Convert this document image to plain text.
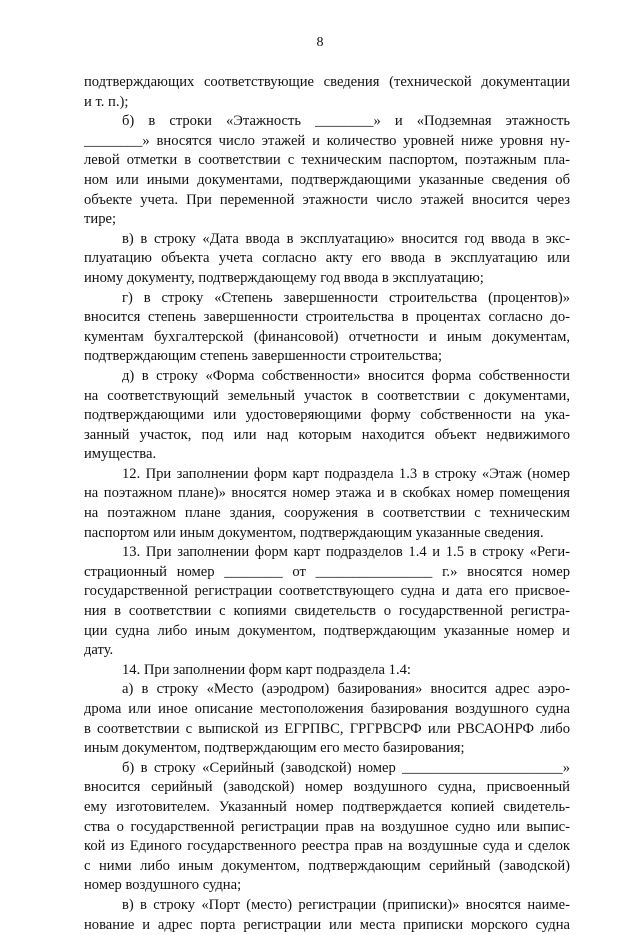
8
подтверждающих соответствующие сведения (технической документации
и т. п.);
б) в строки «Этажность ________» и «Подземная этажность
________» вносятся число этажей и количество уровней ниже уровня ну-
левой отметки в соответствии с техническим паспортом, поэтажным пла-
ном или иными документами, подтверждающими указанные сведения об
объекте учета. При переменной этажности число этажей вносится через
тире;
в) в строку «Дата ввода в эксплуатацию» вносится год ввода в экс-
плуатацию объекта учета согласно акту его ввода в эксплуатацию или
иному документу, подтверждающему год ввода в эксплуатацию;
г) в строку «Степень завершенности строительства (процентов)»
вносится степень завершенности строительства в процентах согласно до-
кументам бухгалтерской (финансовой) отчетности и иным документам,
подтверждающим степень завершенности строительства;
д) в строку «Форма собственности» вносится форма собственности
на соответствующий земельный участок в соответствии с документами,
подтверждающими или удостоверяющими форму собственности на ука-
занный участок, под или над которым находится объект недвижимого
имущества.
12. При заполнении форм карт подраздела 1.3 в строку «Этаж (номер
на поэтажном плане)» вносятся номер этажа и в скобках номер помещения
на поэтажном плане здания, сооружения в соответствии с техническим
паспортом или иным документом, подтверждающим указанные сведения.
13. При заполнении форм карт подразделов 1.4 и 1.5 в строку «Реги-
страционный номер ________ от ________________ г.» вносятся номер
государственной регистрации соответствующего судна и дата его присвое-
ния в соответствии с копиями свидетельств о государственной регистра-
ции судна либо иным документом, подтверждающим указанные номер и
дату.
14. При заполнении форм карт подраздела 1.4:
а) в строку «Место (аэродром) базирования» вносится адрес аэро-
дрома или иное описание местоположения базирования воздушного судна
в соответствии с выпиской из ЕГРПВС, ГРГРВСРФ или РВСАОНРФ либо
иным документом, подтверждающим его место базирования;
б) в строку «Серийный (заводской) номер ______________________»
вносится серийный (заводской) номер воздушного судна, присвоенный
ему изготовителем. Указанный номер подтверждается копией свидетель-
ства о государственной регистрации прав на воздушное судно или выпис-
кой из Единого государственного реестра прав на воздушные суда и сделок
с ними либо иным документом, подтверждающим серийный (заводской)
номер воздушного судна;
в) в строку «Порт (место) регистрации (приписки)» вносятся наиме-
нование и адрес порта регистрации или места приписки морского судна
